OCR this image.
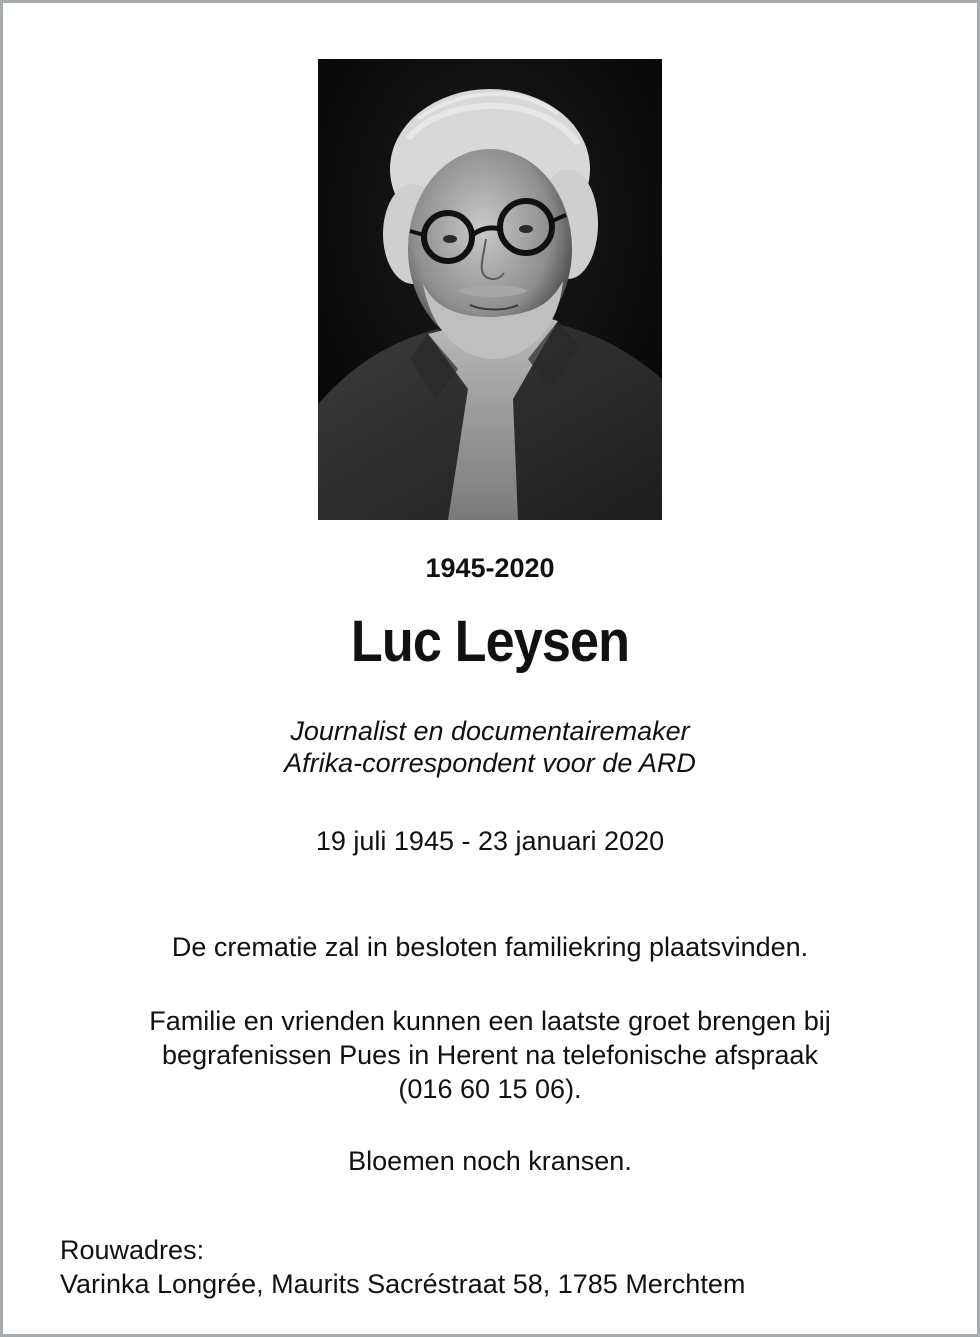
1945-2020
Luc Leysen
Journalist en documentairemaker
Afrika-correspondent voor de ARD
19 juli 1945 - 23 januari 2020
De crematie zal in besloten familiekring plaatsvinden.
Familie en vrienden kunnen een laatste groet brengen bij
begrafenissen Pues in Herent na telefonische afspraak
(016 60 15 06).
Bloemen noch kransen.
Rouwadres:
Varinka Longrée, Maurits Sacréstraat 58, 1785 Merchtem
